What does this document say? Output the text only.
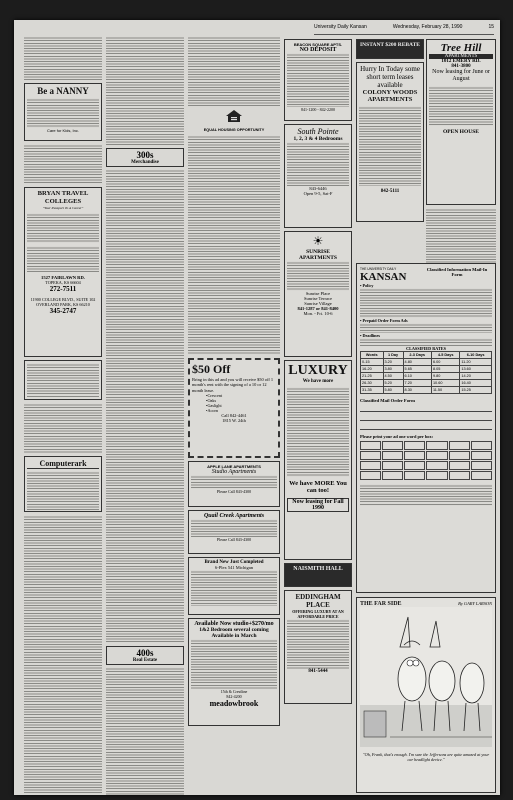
University Daily Kansan	Wednesday, February 28, 1990	15
Be a NANNY
Care for Kids, Inc.
BRYAN TRAVEL COLLEGES
"Your Passport To A Career"
1527 FAIRLAWN RD.
TOPEKA, KS 66604
272-7511
11900 COLLEGE BLVD., SUITE 102
OVERLAND PARK, KS 66210
345-2747
Computerark
300s
Merchandise
400s
Real Estate
EQUAL HOUSING OPPORTUNITY
$50 Off
Bring in this ad and you will receive $50 off 1 month's rent with the signing of a 10 or 12 month lease.
•Crescent
•Oaks
•Gaslight
•Acorn
Call 842-4461
1815 W. 24th
APPLE LANE APARTMENTS
Studio Apartments
Please Call 843-4300
Quail Creek Apartments
Please Call 843-4300
Brand New Just Completed
6-Plex 541 Michigan
Available Now studio+$270/mo
1&2 Bedroom several coming Available in March
15th & Crestline
842-4200
meadowbrook
BEACON SQUARE APTS.
NO DEPOSIT
841-1200 - 842-2200
South Pointe
1, 2, 3 & 4 Bedrooms
843-6446
Open 9-5, Sat-F
☀
SUNRISE APARTMENTS
Sunrise Place
Sunrise Terrace
Sunrise Village
841-1287 or 841-8400
Mon. - Fri. 10-6
LUXURY
We have more
We have MORE You can too!
Now leasing for Fall 1990
NAISMITH HALL
EDDINGHAM PLACE
OFFERING LUXURY AT AN AFFORDABLE PRICE
841-5444
INSTANT $200 REBATE
Hurry In Today some short term leases available
COLONY WOODS APARTMENTS
842-5111
Tree Hill
APARTMENTS
1012 EMERY RD.
841-3800
Now leasing for June or August
OPEN HOUSE
THE UNIVERSITY DAILY
KANSAN
Classified Information Mail-In Form
• Policy
• Prepaid Order Form Ads
• Deadlines
CLASSIFIED RATES
Words	1 Day	2-3 Days	4-5 Days	6-10 Days
0-15	3.20	4.80	6.00	11.20
16-20	3.80	5.65	8.05	13.60
21-25	4.50	6.10	9.80	14.20
26-30	5.20	7.20	10.60	16.40
31-35	5.80	8.30	11.50	15.25
Classified Mail Order Form
Please print your ad one word per box:
THE FAR SIDE	By GARY LARSON
"Oh, Frank, that's enough. I'm sure the Jeffersons are quite amazed at your car headlight device."
